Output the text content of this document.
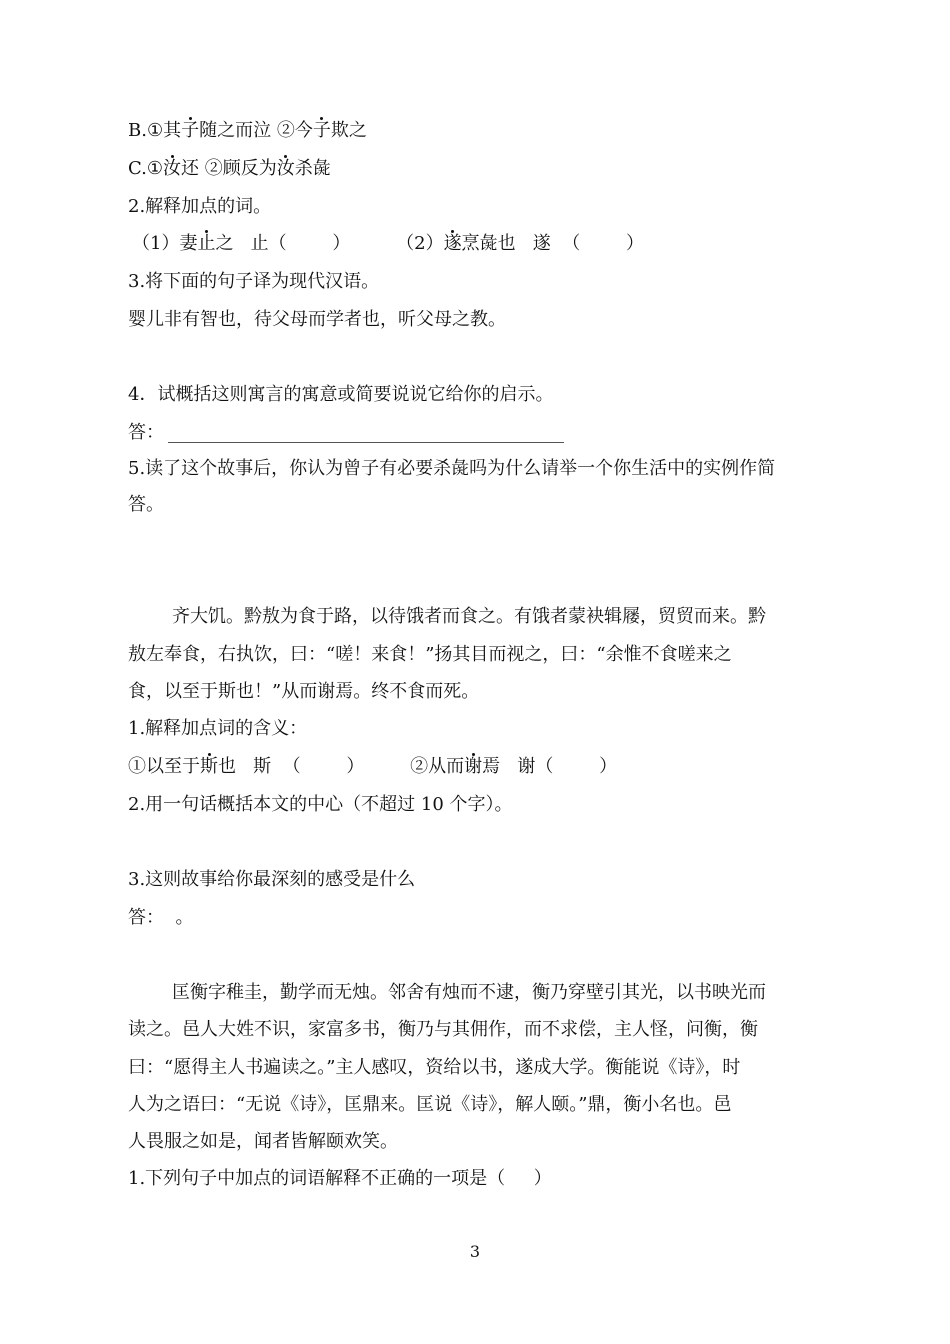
B.①其子随之而泣 ②今子欺之
C.①汝还 ②顾反为汝杀彘
2.解释加点的词。
（1）妻止之   止（        ）        （2）遂烹彘也   遂  （        ）
3.将下面的句子译为现代汉语。
婴儿非有智也，待父母而学者也，听父母之教。
4．试概括这则寓言的寓意或简要说说它给你的启示。
答：
5.读了这个故事后，你认为曾子有必要杀彘吗为什么请举一个你生活中的实例作简
答。
齐大饥。黔敖为食于路，以待饿者而食之。有饿者蒙袂辑屦，贸贸而来。黔
敖左奉食，右执饮，曰：“嗟！来食！”扬其目而视之，曰：“余惟不食嗟来之
食，以至于斯也！”从而谢焉。终不食而死。
1.解释加点词的含义：
①以至于斯也   斯  （        ）        ②从而谢焉   谢（        ）
2.用一句话概括本文的中心（不超过 10 个字）。
3.这则故事给你最深刻的感受是什么
答：  。
匡衡字稚圭，勤学而无烛。邻舍有烛而不逮，衡乃穿壁引其光，以书映光而
读之。邑人大姓不识，家富多书，衡乃与其佣作，而不求偿，主人怪，问衡，衡
曰：“愿得主人书遍读之。”主人感叹，资给以书，遂成大学。衡能说《诗》，时
人为之语曰：“无说《诗》，匡鼎来。匡说《诗》，解人颐。”鼎，衡小名也。邑
人畏服之如是，闻者皆解颐欢笑。
1.下列句子中加点的词语解释不正确的一项是（     ）
3
